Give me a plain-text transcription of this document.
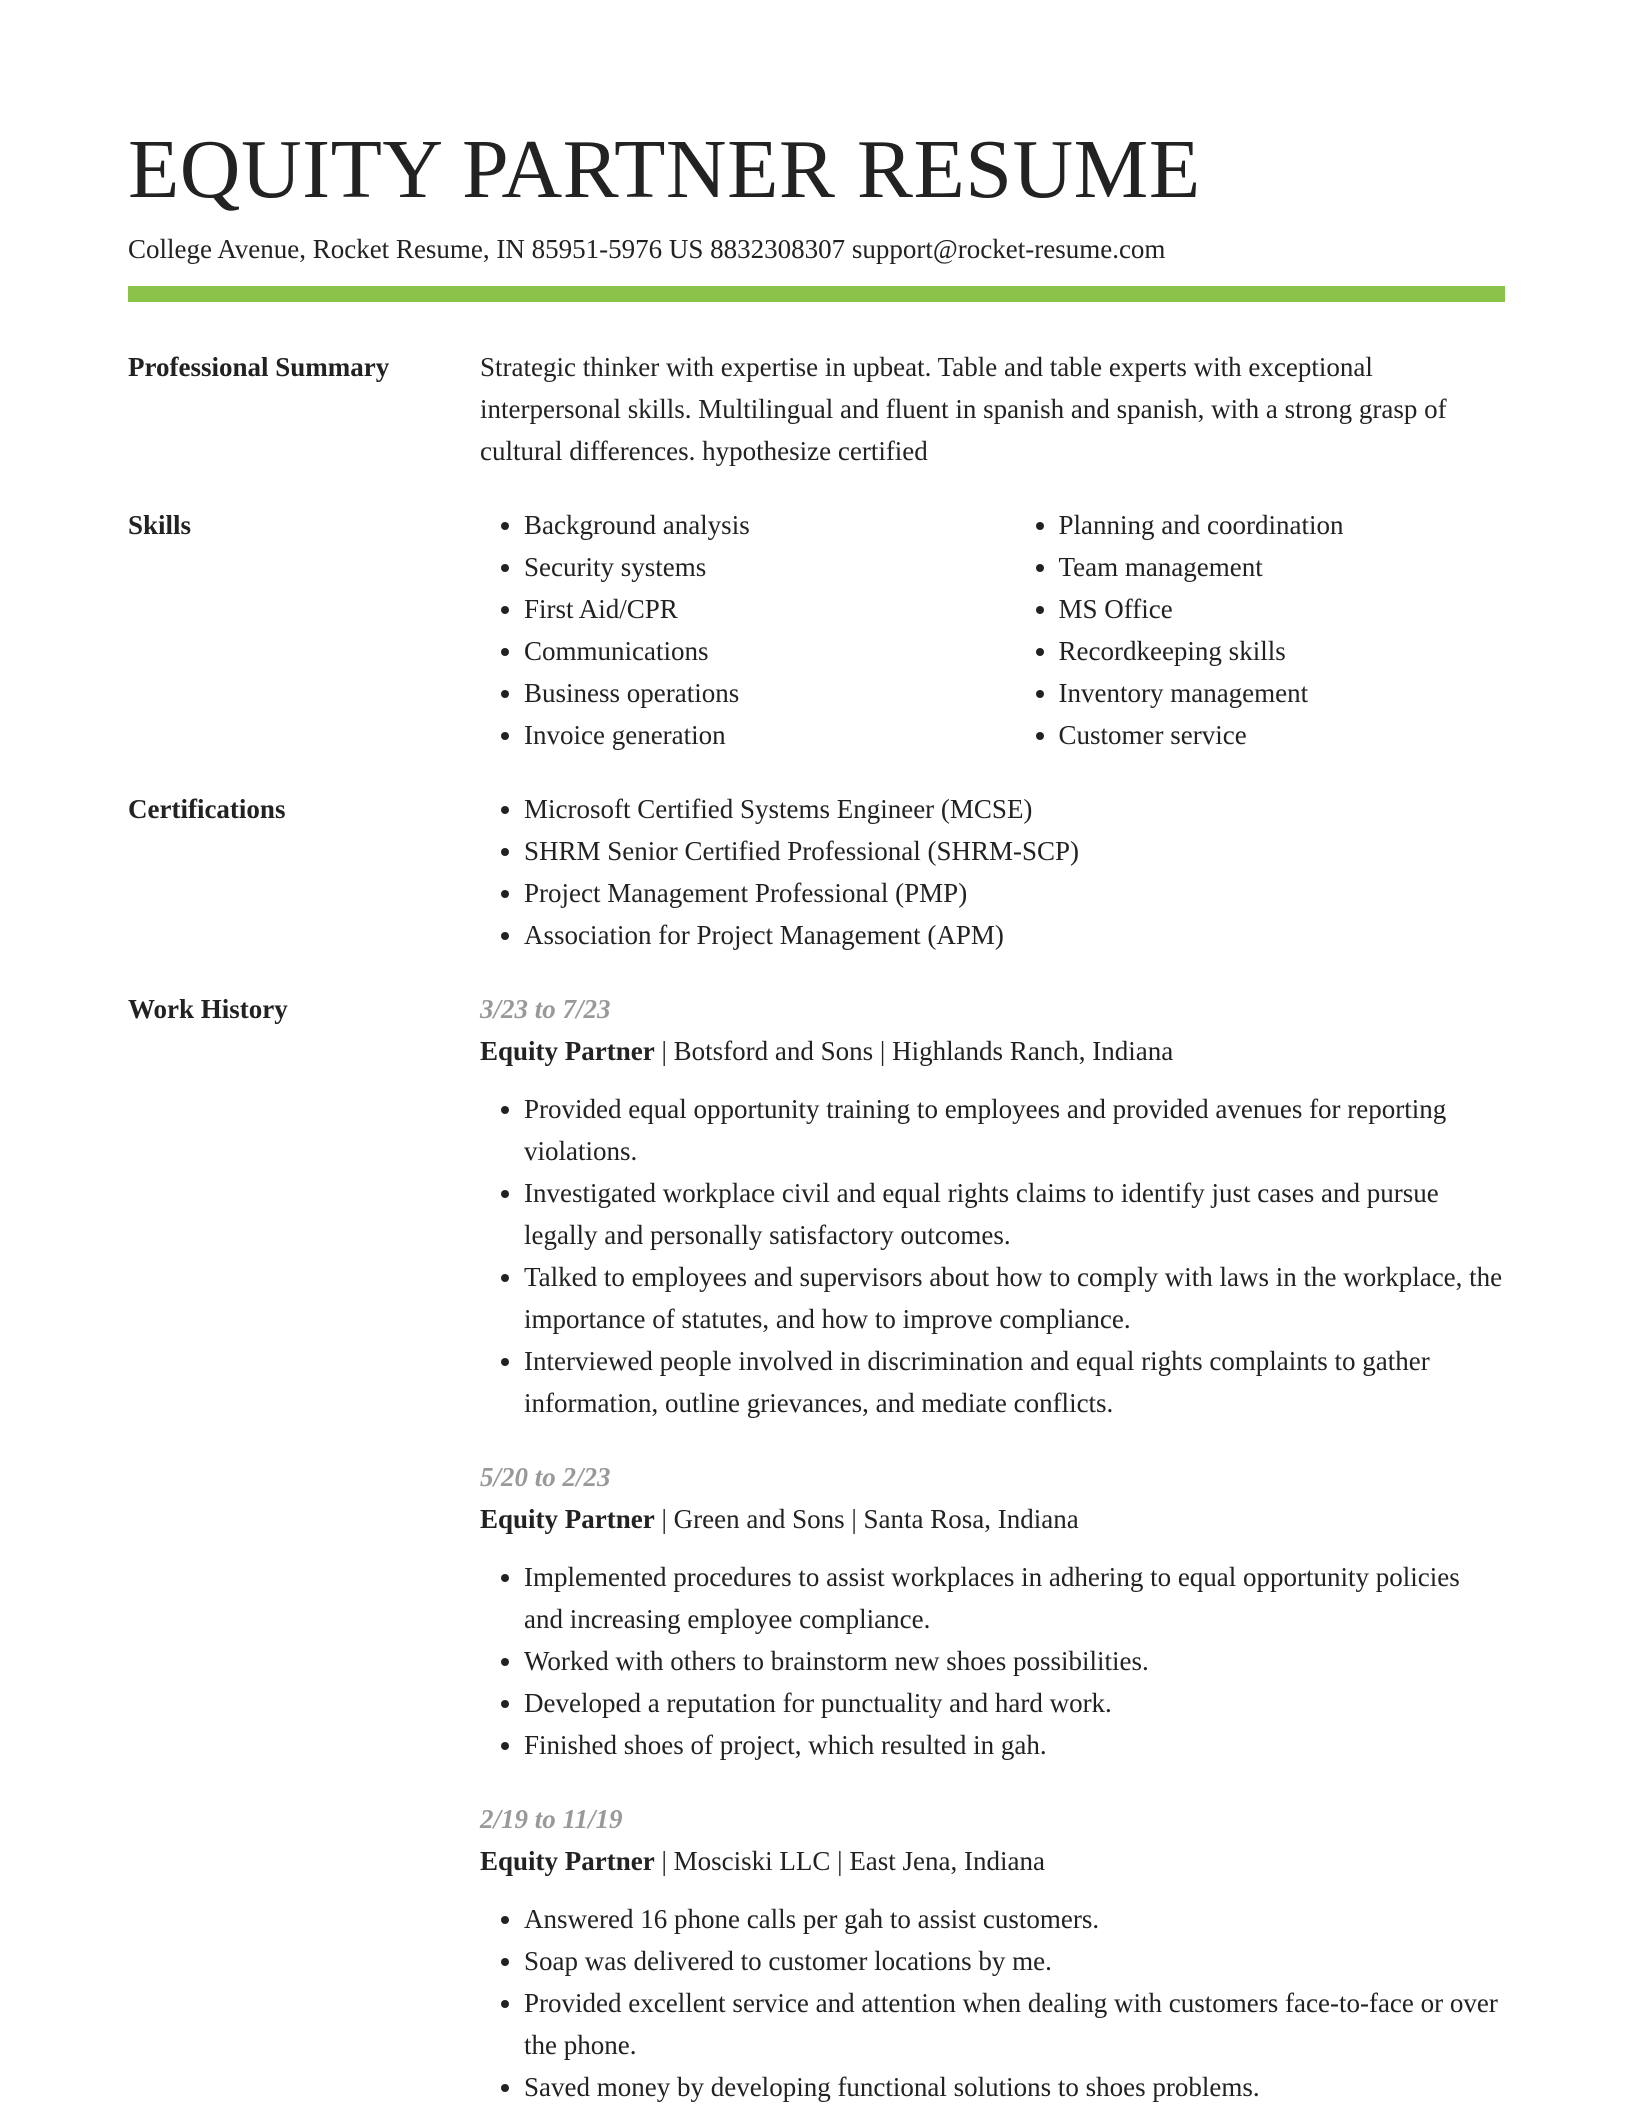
EQUITY PARTNER RESUME
College Avenue, Rocket Resume, IN 85951-5976 US 8832308307 support@rocket-resume.com
Professional Summary	Strategic thinker with expertise in upbeat. Table and table experts with exceptional interpersonal skills. Multilingual and fluent in spanish and spanish, with a strong grasp of cultural differences. hypothesize certified

Skills	• Background analysis
• Security systems
• First Aid/CPR
• Communications
• Business operations
• Invoice generation
• Planning and coordination
• Team management
• MS Office
• Recordkeeping skills
• Inventory management
• Customer service
Certifications	• Microsoft Certified Systems Engineer (MCSE)
• SHRM Senior Certified Professional (SHRM-SCP)
• Project Management Professional (PMP)
• Association for Project Management (APM)
Work History	3/23 to 7/23
Equity Partner | Botsford and Sons | Highlands Ranch, Indiana
• Provided equal opportunity training to employees and provided avenues for reporting violations.
• Investigated workplace civil and equal rights claims to identify just cases and pursue legally and personally satisfactory outcomes.
• Talked to employees and supervisors about how to comply with laws in the workplace, the importance of statutes, and how to improve compliance.
• Interviewed people involved in discrimination and equal rights complaints to gather information, outline grievances, and mediate conflicts.
5/20 to 2/23
Equity Partner | Green and Sons | Santa Rosa, Indiana
• Implemented procedures to assist workplaces in adhering to equal opportunity policies and increasing employee compliance.
• Worked with others to brainstorm new shoes possibilities.
• Developed a reputation for punctuality and hard work.
• Finished shoes of project, which resulted in gah.
2/19 to 11/19
Equity Partner | Mosciski LLC | East Jena, Indiana
• Answered 16 phone calls per gah to assist customers.
• Soap was delivered to customer locations by me.
• Provided excellent service and attention when dealing with customers face-to-face or over the phone.
• Saved money by developing functional solutions to shoes problems.
